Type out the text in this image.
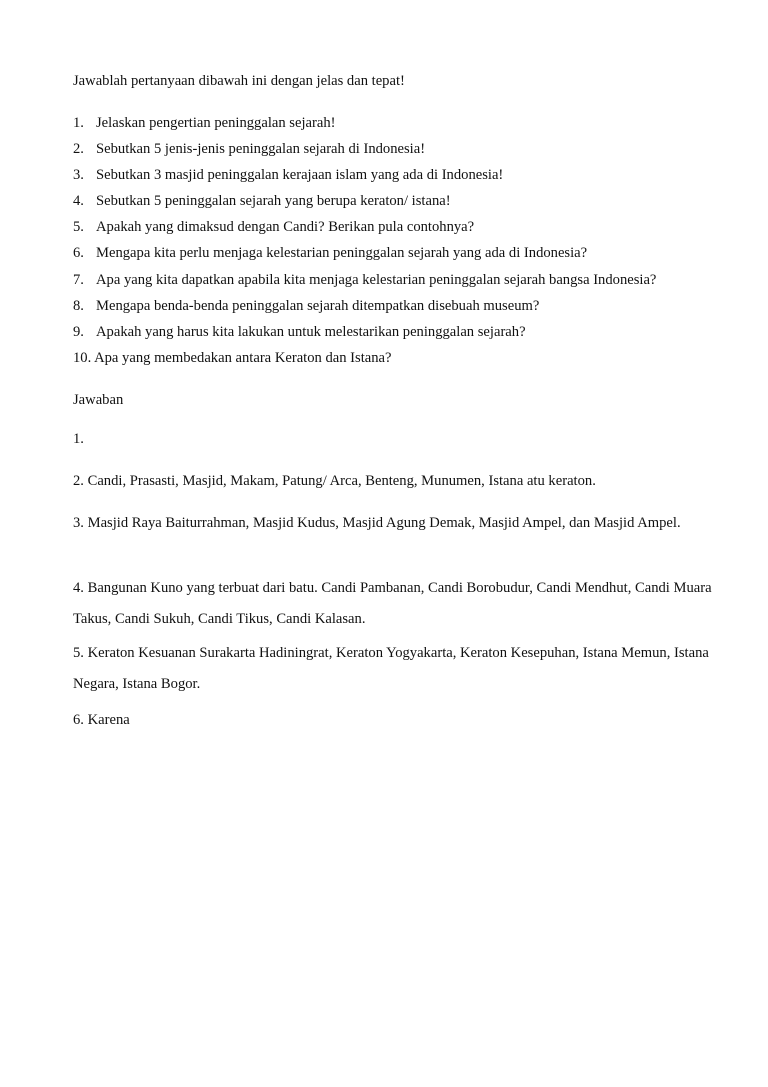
Jawablah pertanyaan dibawah ini dengan jelas dan tepat!
1. Jelaskan pengertian peninggalan sejarah!
2. Sebutkan 5 jenis-jenis peninggalan sejarah di Indonesia!
3. Sebutkan 3 masjid peninggalan kerajaan islam yang ada di Indonesia!
4. Sebutkan 5 peninggalan sejarah yang berupa keraton/ istana!
5. Apakah yang dimaksud dengan Candi? Berikan pula contohnya?
6. Mengapa kita perlu menjaga kelestarian peninggalan sejarah yang ada di Indonesia?
7. Apa yang kita dapatkan apabila kita menjaga kelestarian peninggalan sejarah bangsa Indonesia?
8. Mengapa benda-benda peninggalan sejarah ditempatkan disebuah museum?
9. Apakah yang harus kita lakukan untuk melestarikan peninggalan sejarah?
10. Apa yang membedakan antara Keraton dan Istana?
Jawaban
1.
2. Candi, Prasasti, Masjid, Makam, Patung/ Arca, Benteng, Munumen, Istana atu keraton.
3. Masjid Raya Baiturrahman, Masjid Kudus, Masjid Agung Demak, Masjid Ampel, dan Masjid Ampel.
4. Bangunan Kuno yang terbuat dari batu. Candi Pambanan, Candi Borobudur, Candi Mendhut, Candi Muara Takus, Candi Sukuh, Candi Tikus, Candi Kalasan.
5. Keraton Kesuanan Surakarta Hadiningrat, Keraton Yogyakarta, Keraton Kesepuhan, Istana Memun, Istana Negara, Istana Bogor.
6. Karena
